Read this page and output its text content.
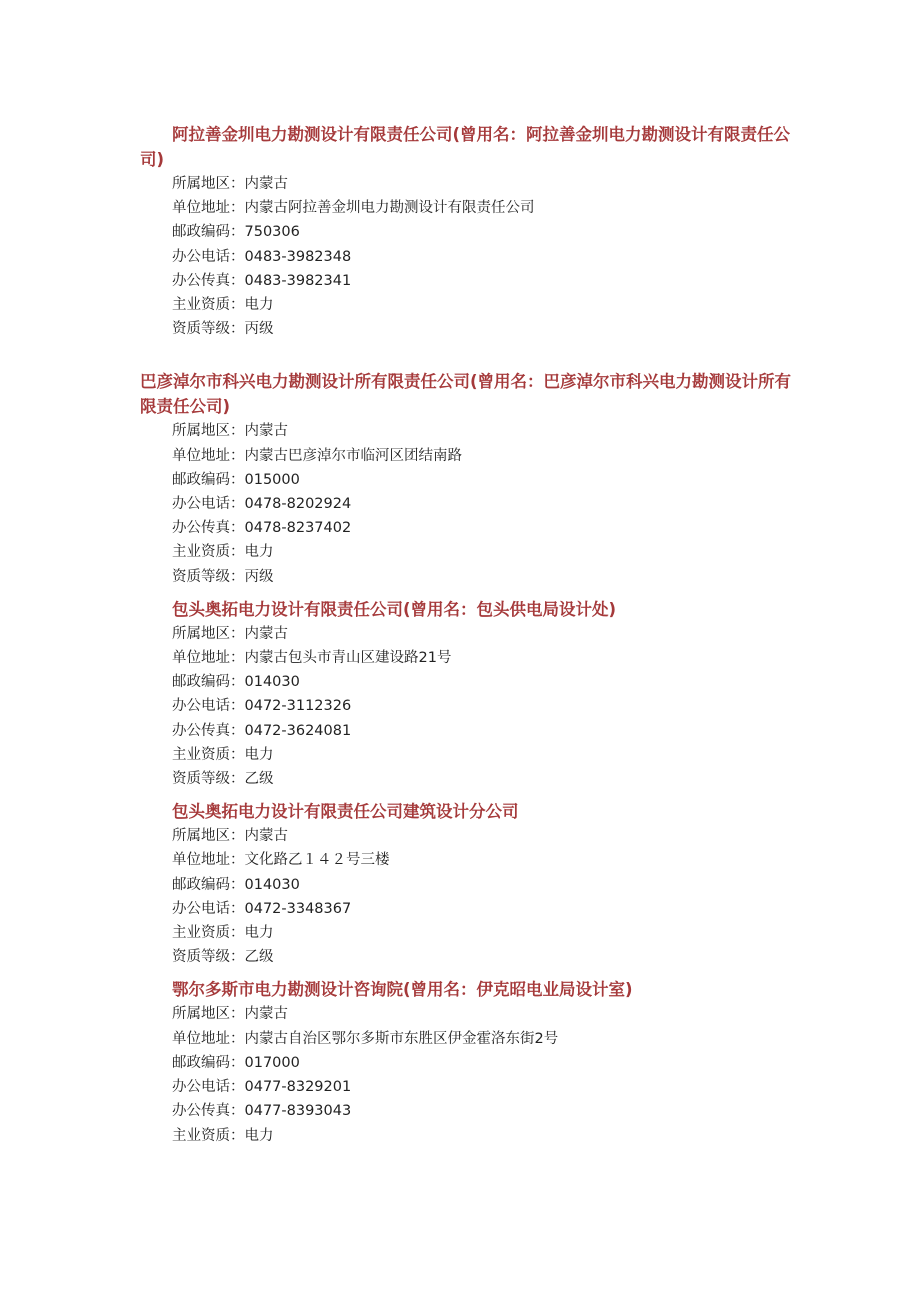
阿拉善金圳电力勘测设计有限责任公司(曾用名：阿拉善金圳电力勘测设计有限责任公司)
所属地区：内蒙古
单位地址：内蒙古阿拉善金圳电力勘测设计有限责任公司
邮政编码：750306
办公电话：0483-3982348
办公传真：0483-3982341
主业资质：电力
资质等级：丙级
巴彦淖尔市科兴电力勘测设计所有限责任公司(曾用名：巴彦淖尔市科兴电力勘测设计所有限责任公司)
所属地区：内蒙古
单位地址：内蒙古巴彦淖尔市临河区团结南路
邮政编码：015000
办公电话：0478-8202924
办公传真：0478-8237402
主业资质：电力
资质等级：丙级
包头奥拓电力设计有限责任公司(曾用名：包头供电局设计处)
所属地区：内蒙古
单位地址：内蒙古包头市青山区建设路21号
邮政编码：014030
办公电话：0472-3112326
办公传真：0472-3624081
主业资质：电力
资质等级：乙级
包头奥拓电力设计有限责任公司建筑设计分公司
所属地区：内蒙古
单位地址：文化路乙１４２号三楼
邮政编码：014030
办公电话：0472-3348367
主业资质：电力
资质等级：乙级
鄂尔多斯市电力勘测设计咨询院(曾用名：伊克昭电业局设计室)
所属地区：内蒙古
单位地址：内蒙古自治区鄂尔多斯市东胜区伊金霍洛东街2号
邮政编码：017000
办公电话：0477-8329201
办公传真：0477-8393043
主业资质：电力
